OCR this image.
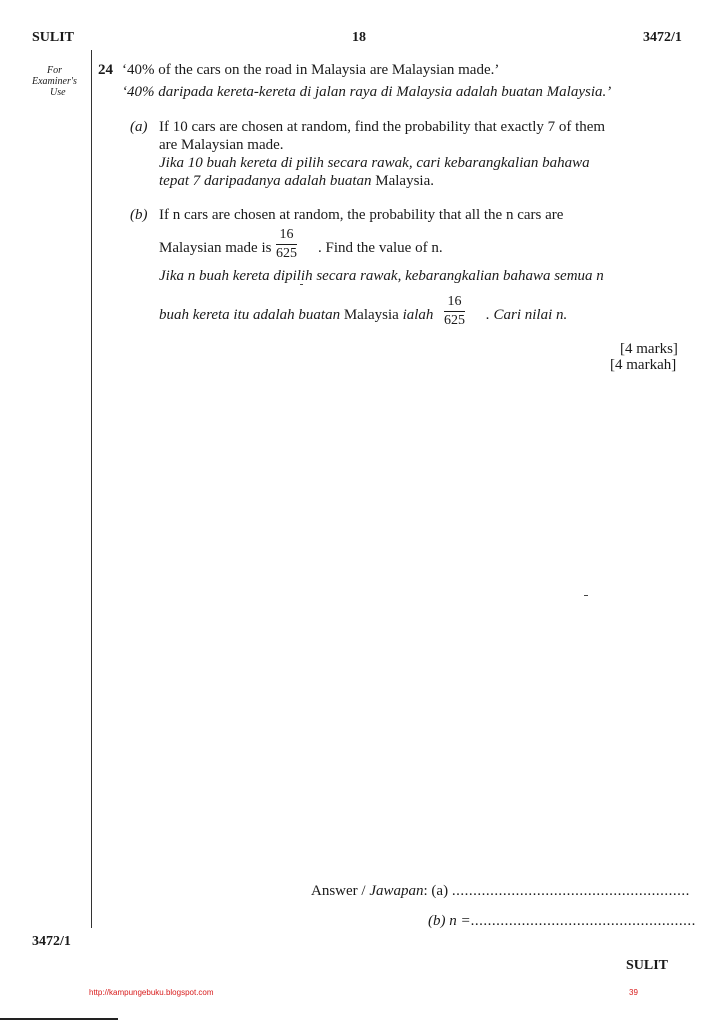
SULIT	18	3472/1
For
Examiner's
Use
24 ‘40% of the cars on the road in Malaysia are Malaysian made.’
‘40% daripada kereta-kereta di jalan raya di Malaysia adalah buatan Malaysia.’
(a) If 10 cars are chosen at random, find the probability that exactly 7 of them
are Malaysian made.
Jika 10 buah kereta di pilih secara rawak, cari kebarangkalian bahawa
tepat 7 daripadanya adalah buatan Malaysia.
(b) If n cars are chosen at random, the probability that all the n cars are
Malaysian made is
16
625 . Find the value of n.
Jika n buah kereta dipilih secara rawak, kebarangkalian bahawa semua n
buah kereta itu adalah buatan Malaysia ialah
16
625 . Cari nilai n.
[4 marks]
[4 markah]
Answer / Jawapan: (a) ........................................................
(b) n =.....................................................
3472/1
SULIT
http://kampungebuku.blogspot.com	39
